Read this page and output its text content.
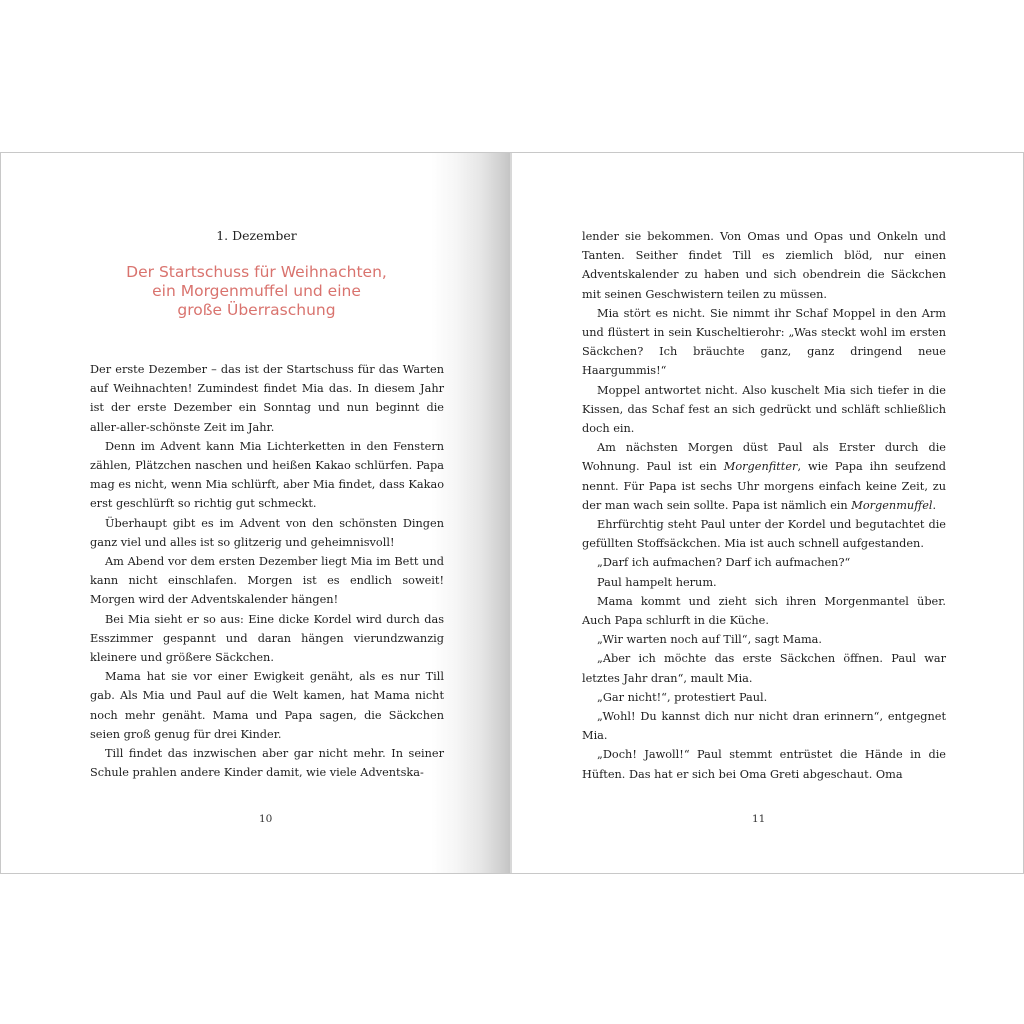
1. Dezember
Der Startschuss für Weihnachten,
ein Morgenmuffel und eine
große Überraschung

Der erste Dezember – das ist der Startschuss für das Warten auf Weihnachten! Zumindest findet Mia das. In diesem Jahr ist der erste Dezember ein Sonntag und nun beginnt die aller-aller-schönste Zeit im Jahr.

Denn im Advent kann Mia Lichterketten in den Fenstern zählen, Plätzchen naschen und heißen Kakao schlürfen. Papa mag es nicht, wenn Mia schlürft, aber Mia findet, dass Kakao erst geschlürft so richtig gut schmeckt.

Überhaupt gibt es im Advent von den schönsten Dingen ganz viel und alles ist so glitzerig und geheimnisvoll!

Am Abend vor dem ersten Dezember liegt Mia im Bett und kann nicht einschlafen. Morgen ist es endlich soweit! Morgen wird der Adventskalender hängen!

Bei Mia sieht er so aus: Eine dicke Kordel wird durch das Esszimmer gespannt und daran hängen vierundzwanzig kleinere und größere Säckchen.

Mama hat sie vor einer Ewigkeit genäht, als es nur Till gab. Als Mia und Paul auf die Welt kamen, hat Mama nicht noch mehr genäht. Mama und Papa sagen, die Säckchen seien groß genug für drei Kinder.

Till findet das inzwischen aber gar nicht mehr. In seiner Schule prahlen andere Kinder damit, wie viele Adventska-

10

lender sie bekommen. Von Omas und Opas und Onkeln und Tanten. Seither findet Till es ziemlich blöd, nur einen Adventskalender zu haben und sich obendrein die Säckchen mit seinen Geschwistern teilen zu müssen.

Mia stört es nicht. Sie nimmt ihr Schaf Moppel in den Arm und flüstert in sein Kuscheltierohr: „Was steckt wohl im ersten Säckchen? Ich bräuchte ganz, ganz dringend neue Haargummis!“

Moppel antwortet nicht. Also kuschelt Mia sich tiefer in die Kissen, das Schaf fest an sich gedrückt und schläft schließlich doch ein.

Am nächsten Morgen düst Paul als Erster durch die Wohnung. Paul ist ein Morgenfitter, wie Papa ihn seufzend nennt. Für Papa ist sechs Uhr morgens einfach keine Zeit, zu der man wach sein sollte. Papa ist nämlich ein Morgenmuffel.

Ehrfürchtig steht Paul unter der Kordel und begutachtet die gefüllten Stoffsäckchen. Mia ist auch schnell aufgestanden.

„Darf ich aufmachen? Darf ich aufmachen?“

Paul hampelt herum.

Mama kommt und zieht sich ihren Morgenmantel über. Auch Papa schlurft in die Küche.

„Wir warten noch auf Till“, sagt Mama.

„Aber ich möchte das erste Säckchen öffnen. Paul war letztes Jahr dran“, mault Mia.

„Gar nicht!“, protestiert Paul.

„Wohl! Du kannst dich nur nicht dran erinnern“, entgegnet Mia.

„Doch! Jawoll!“ Paul stemmt entrüstet die Hände in die Hüften. Das hat er sich bei Oma Greti abgeschaut. Oma

11
